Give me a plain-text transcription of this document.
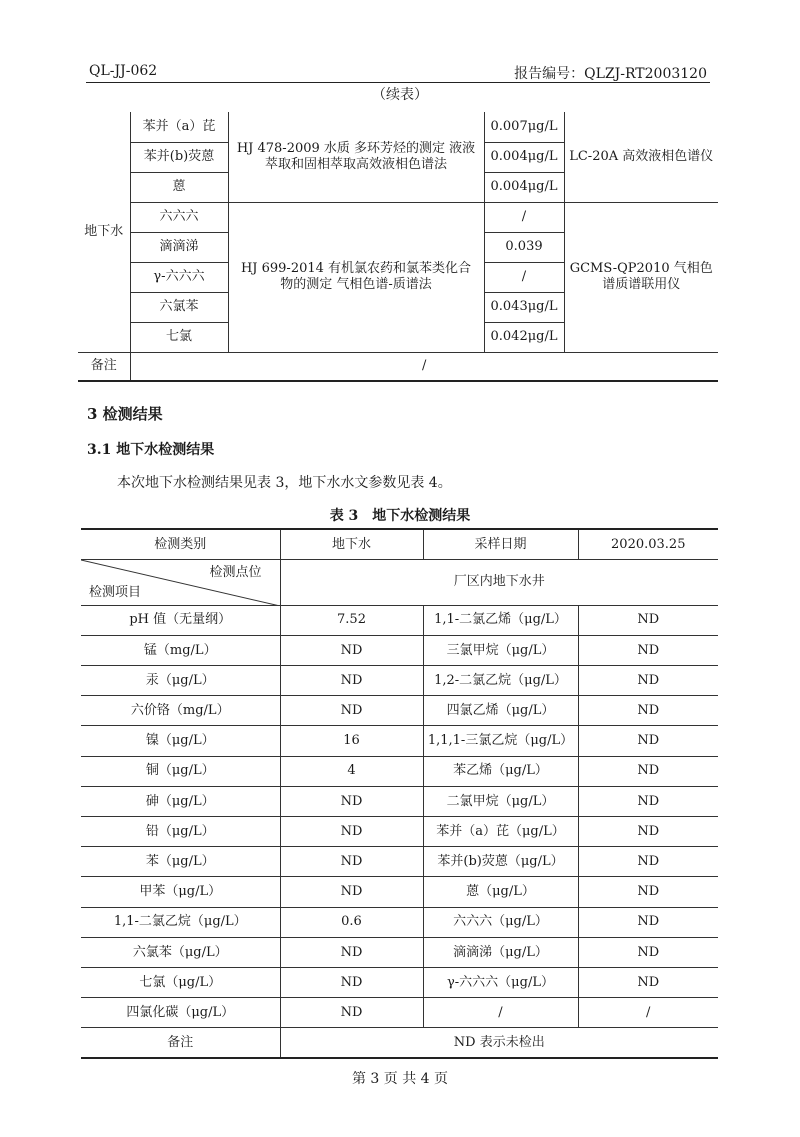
QL-JJ-062	报告编号：QLZJ-RT2003120
（续表）
地下水	苯并（a）芘	HJ 478-2009 水质 多环芳烃的测定 液液萃取和固相萃取高效液相色谱法	0.007μg/L	LC-20A 高效液相色谱仪
	苯并(b)荧蒽		0.004μg/L	
	蒽		0.004μg/L	
	六六六	HJ 699-2014 有机氯农药和氯苯类化合物的测定 气相色谱-质谱法	/	GCMS-QP2010 气相色谱质谱联用仪
	滴滴涕		0.039	
	γ-六六六		/	
	六氯苯		0.043μg/L	
	七氯		0.042μg/L	
备注	/			
3 检测结果
3.1 地下水检测结果
本次地下水检测结果见表 3，地下水水文参数见表 4。
表 3　地下水检测结果
检测类别	地下水	采样日期	2020.03.25

检测点位
检测项目	厂区内地下水井		
pH 值（无量纲）	7.52	1,1-二氯乙烯（μg/L）	ND
锰（mg/L）	ND	三氯甲烷（μg/L）	ND
汞（μg/L）	ND	1,2-二氯乙烷（μg/L）	ND
六价铬（mg/L）	ND	四氯乙烯（μg/L）	ND
镍（μg/L）	16	1,1,1-三氯乙烷（μg/L）	ND
铜（μg/L）	4	苯乙烯（μg/L）	ND
砷（μg/L）	ND	二氯甲烷（μg/L）	ND
铅（μg/L）	ND	苯并（a）芘（μg/L）	ND
苯（μg/L）	ND	苯并(b)荧蒽（μg/L）	ND
甲苯（μg/L）	ND	蒽（μg/L）	ND
1,1-二氯乙烷（μg/L）	0.6	六六六（μg/L）	ND
六氯苯（μg/L）	ND	滴滴涕（μg/L）	ND
七氯（μg/L）	ND	γ-六六六（μg/L）	ND
四氯化碳（μg/L）	ND	/	/
备注	ND 表示未检出		
第 3 页 共 4 页
